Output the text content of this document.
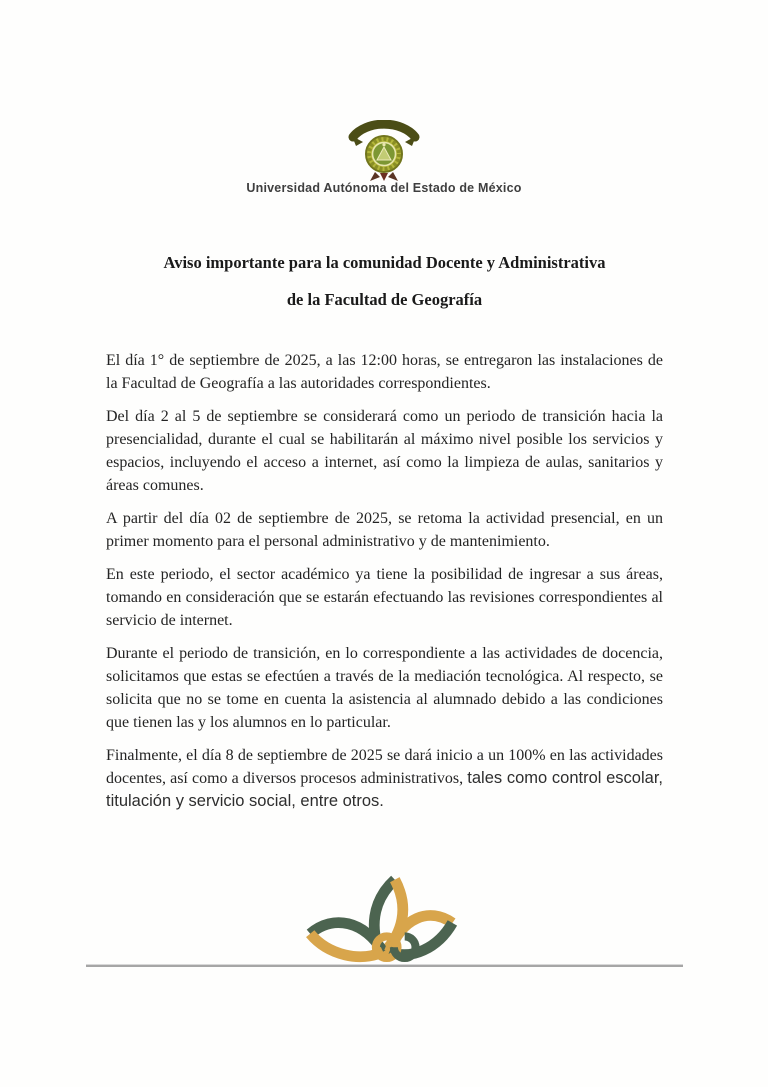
Universidad Autónoma del Estado de México
Aviso importante para la comunidad Docente y Administrativa
de la Facultad de Geografía

El día 1° de septiembre de 2025, a las 12:00 horas, se entregaron las instalaciones de la Facultad de Geografía a las autoridades correspondientes.

Del día 2 al 5 de septiembre se considerará como un periodo de transición hacia la presencialidad, durante el cual se habilitarán al máximo nivel posible los servicios y espacios, incluyendo el acceso a internet, así como la limpieza de aulas, sanitarios y áreas comunes.

A partir del día 02 de septiembre de 2025, se retoma la actividad presencial, en un primer momento para el personal administrativo y de mantenimiento.

En este periodo, el sector académico ya tiene la posibilidad de ingresar a sus áreas, tomando en consideración que se estarán efectuando las revisiones correspondientes al servicio de internet.

Durante el periodo de transición, en lo correspondiente a las actividades de docencia, solicitamos que estas se efectúen a través de la mediación tecnológica. Al respecto, se solicita que no se tome en cuenta la asistencia al alumnado debido a las condiciones que tienen las y los alumnos en lo particular.

Finalmente, el día 8 de septiembre de 2025 se dará inicio a un 100% en las actividades docentes, así como a diversos procesos administrativos, tales como control escolar, titulación y servicio social, entre otros.
